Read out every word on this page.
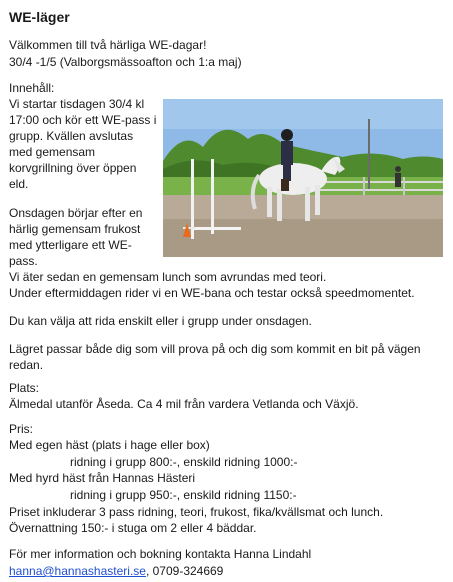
WE-läger
Välkommen till två härliga WE-dagar!
30/4 -1/5 (Valborgsmässoafton och 1:a maj)
Innehåll:
Vi startar tisdagen 30/4 kl
17:00 och kör ett WE-pass i
grupp. Kvällen avslutas
med gemensam
korvgrillning över öppen
eld.
Onsdagen börjar efter en
härlig gemensam frukost
med ytterligare ett WE-
pass.
Vi äter sedan en gemensam lunch som avrundas med teori.
Under eftermiddagen rider vi en WE-bana och testar också speedmomentet.
Du kan välja att rida enskilt eller i grupp under onsdagen.
Lägret passar både dig som vill prova på och dig som kommit en bit på vägen
redan.
Plats:
Älmedal utanför Åseda. Ca 4 mil från vardera Vetlanda och Växjö.
Pris:
Med egen häst (plats i hage eller box)
ridning i grupp 800:-, enskild ridning 1000:-
Med hyrd häst från Hannas Hästeri
ridning i grupp 950:-, enskild ridning 1150:-
Priset inkluderar 3 pass ridning, teori, frukost, fika/kvällsmat och lunch.
Övernattning 150:- i stuga om 2 eller 4 bäddar.
För mer information och bokning kontakta Hanna Lindahl
hanna@hannashasteri.se, 0709-324669
